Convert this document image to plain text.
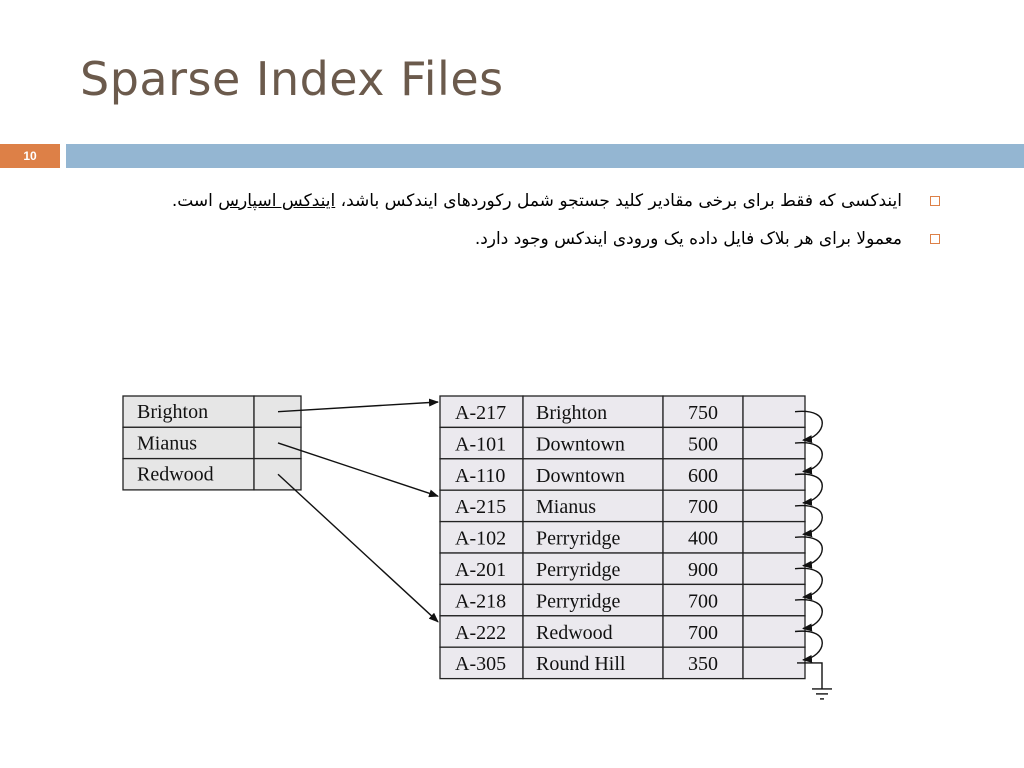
Sparse Index Files
10
ایندکسی که فقط برای برخی مقادیر کلید جستجو شمل رکوردهای ایندکس باشد، ایندکس اسپارس است.
معمولا برای هر بلاک فایل داده یک ورودی ایندکس وجود دارد.
Brighton
Mianus
Redwood
A-217 Brighton	750
A-101 Downtown	500
A-110 Downtown	600
A-215 Mianus	700
A-102 Perryridge	400
A-201 Perryridge	900
A-218 Perryridge	700
A-222 Redwood	700
A-305 Round Hill	350
